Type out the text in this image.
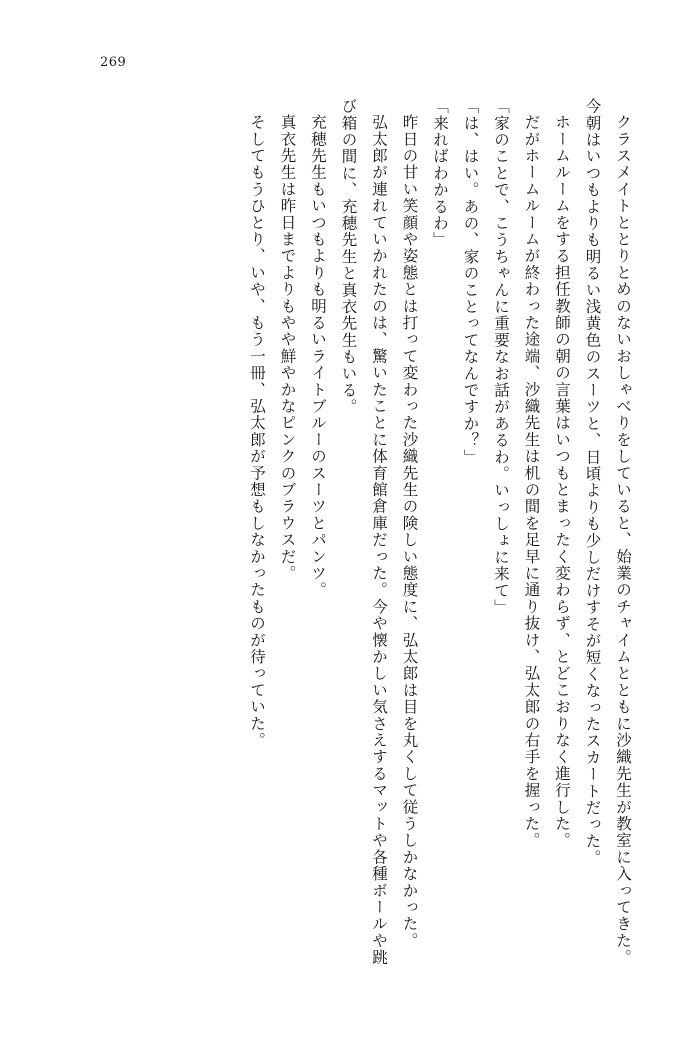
269

クラスメイトととりとめのないおしゃべりをしていると、始業のチャイムとともに沙織先生が教室に入ってきた。今朝はいつもよりも明るい浅黄色のスーツと、日頃よりも少しだけすそが短くなったスカートだった。

ホームルームをする担任教師の朝の言葉はいつもとまったく変わらず、とどこおりなく進行した。

だがホームルームが終わった途端、沙織先生は机の間を足早に通り抜け、弘太郎の右手を握った。

「家のことで、こうちゃんに重要なお話があるわ。いっしょに来て」

「は、はい。あの、家のことってなんですか？」

「来ればわかるわ」

昨日の甘い笑顔や姿態とは打って変わった沙織先生の険しい態度に、弘太郎は目を丸くして従うしかなかった。

弘太郎が連れていかれたのは、驚いたことに体育館倉庫だった。今や懐かしい気さえするマットや各種ボールや跳び箱の間に、充穂先生と真衣先生もいる。

充穂先生もいつもよりも明るいライトブルーのスーツとパンツ。

真衣先生は昨日までよりもやや鮮やかなピンクのブラウスだ。

そしてもうひとり、いや、もう一冊、弘太郎が予想もしなかったものが待っていた。
